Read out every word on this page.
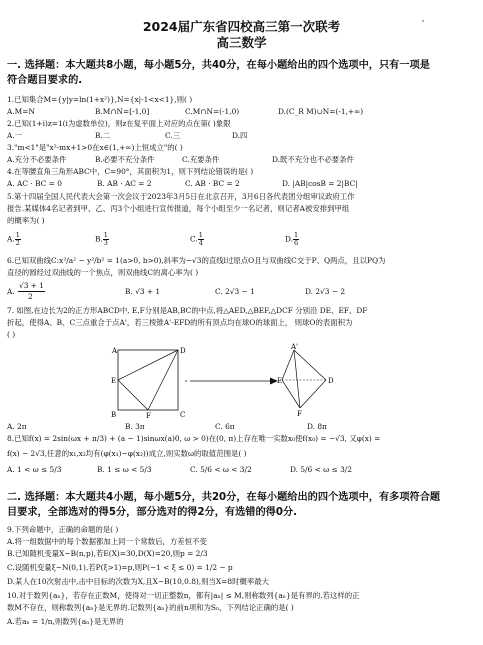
2024届广东省四校高三第一次联考
高三数学
一. 选择题：本大题共8小题，每小题5分，共40分，在每小题给出的四个选项中，只有一项是
符合题目要求的.
1.已知集合M={y|y=ln(1+x²)},N={x|-1<x<1},则( )
A.M=N	B.M∩N=[-1,0]	C.M∩N=(-1,0)	D.(C_R M)∪N=(-1,+∞)
2.已知(1+i)z=1(i为虚数单位)，则z在复平面上对应的点在第( )象限
A.一	B.二	C.三	D.四
3."m<1"是"x²-mx+1>0在x∈(1,+∞)上恒成立"的( )
A.充分不必要条件	B.必要不充分条件	C.充要条件	D.既不充分也不必要条件
4.在等腰直角三角形ABC中，C=90°，其面积为1，则下列结论错误的是( )
A. AC · BC = 0	B. AB · AC = 2	C. AB · BC = 2	D. |AB|cosB = 2|BC|
5.第十四届全国人民代表大会第一次会议于2023年3月5日在北京召开，3月6日各代表团分组审议政府工作
报告.某媒体4名记者到甲、乙、丙3个小组进行宣传报道，每个小组至少一名记者，则记者A被安排到甲组
的概率为( )
A. $\frac{1}{2}$	B. $\frac{1}{3}$	C. $\frac{1}{4}$	D. $\frac{1}{6}$
6.已知双曲线C:x²/a² − y²/b² = 1(a>0, b>0),斜率为−√3的直线l过原点O且与双曲线C交于P、Q两点，且以PQ为
直径的圆经过双曲线的一个焦点，则双曲线C的离心率为( )
A.
√3 + 1
2
B. √3 + 1	C. 2√3 − 1	D. 2√3 − 2
7. 如图,在边长为2的正方形ABCD中, E,F分别是AB,BC的中点,将△AED,△BEF,△DCF 分别沿 DE、EF、DF
折起，使得A、B、C三点重合于点A'，若三棱锥A'-EFD的所有顶点均在球O的球面上， 则球O的表面积为
( )
A	D
E
B	F	C
A'
E	D
F
A. 2π	B. 3π	C. 6π	D. 8π
8.已知f(x) = 2sin(ωx + π/3) + (a − 1)sinωx(a)0, ω > 0)在(0, π)上存在唯一实数x₀使f(x₀) = −√3, 又φ(x) =
f(x) − 2√3,任意的x₁,x₂均有(φ(x₁)−φ(x₂))成立,则实数ω的取值范围是( )
A. 1 < ω ≤ 5/3	B. 1 ≤ ω < 5/3	C. 5/6 < ω < 3/2	D. 5/6 < ω ≤ 3/2
二. 选择题：本大题共4小题，每小题5分，共20分，在每小题给出的四个选项中，有多项符合题
目要求，全部选对的得5分，部分选对的得2分，有选错的得0分.
9.下列命题中，正确的命题的是( )
A.将一组数据中的每个数据都加上同一个常数后，方差恒不变
B.已知随机变量X~B(n,p),若E(X)=30,D(X)=20,则p = 2/3
C.设随机变量ξ~N(0,1),若P(ξ>1)=p,则P(−1 < ξ ≤ 0) = 1/2 − p
D.某人在10次射击中,击中目标的次数为X,且X~B(10,0.8),则当X=8时概率最大
10.对于数列{aₙ}，若存在正数M，使得对一切正整数n，都有|aₙ| ≤ M,则称数列{aₙ}是有界的.若这样的正
数M不存在，则称数列{aₙ}是无界的.记数列{aₙ}的前n项和为Sₙ，下列结论正确的是( )
A.若aₙ = 1/n,则数列{aₙ}是无界的
